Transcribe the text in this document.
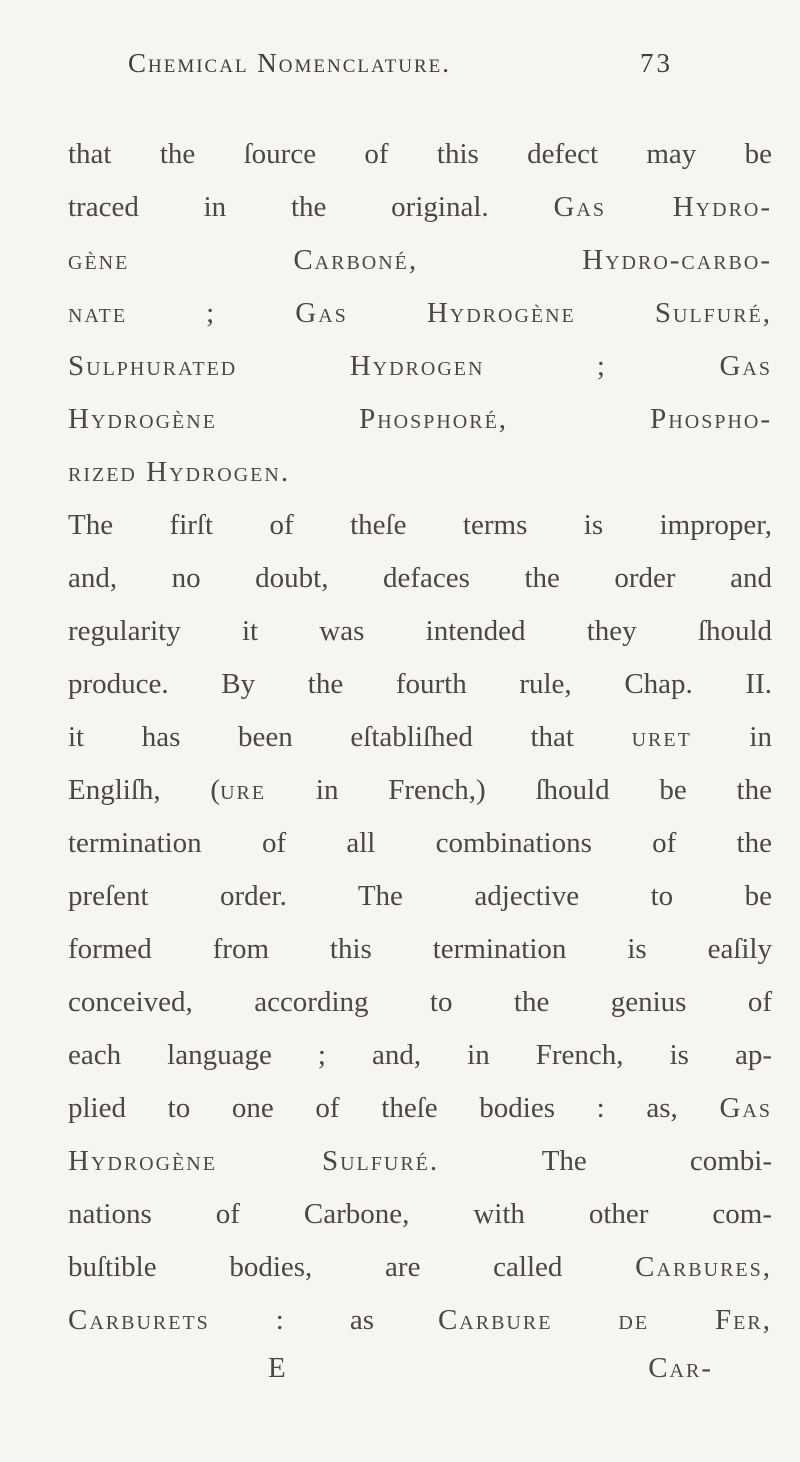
Chemical Nomenclature.	73
that the ſource of this defect may be
traced in the original. Gas Hydro-
gène Carboné, Hydro-carbo-
nate ; Gas Hydrogène Sulfuré,
Sulphurated Hydrogen ; Gas
Hydrogène Phosphoré, Phospho-
rized Hydrogen.
The firſt of theſe terms is improper,
and, no doubt, defaces the order and
regularity it was intended they ſhould
produce. By the fourth rule, Chap. II.
it has been eſtabliſhed that uret in
Engliſh, (ure in French,) ſhould be the
termination of all combinations of the
preſent order. The adjective to be
formed from this termination is eaſily
conceived, according to the genius of
each language ; and, in French, is ap-
plied to one of theſe bodies : as, Gas
Hydrogène Sulfuré. The combi-
nations of Carbone, with other com-
buſtible bodies, are called Carbures,
Carburets : as Carbure de Fer,
E	Car-
